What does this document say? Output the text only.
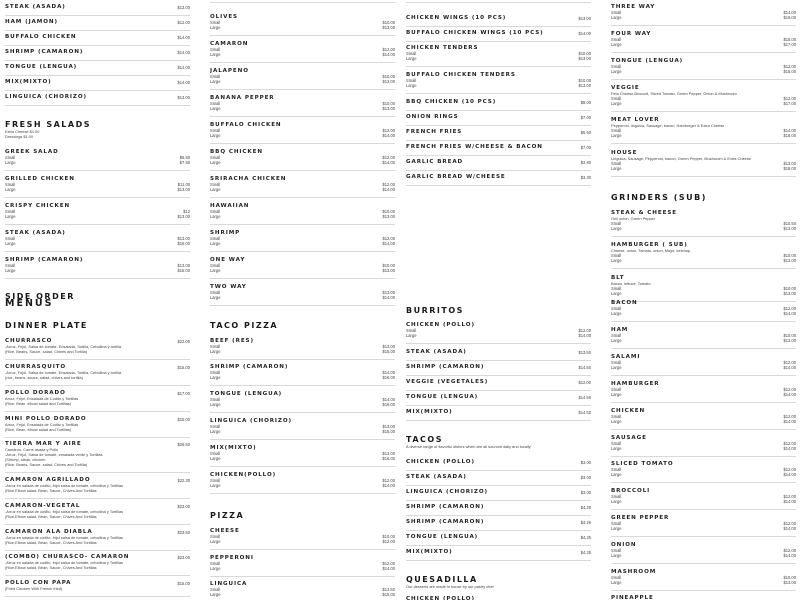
STEAK (ASADA)	$13.00
HAM (JAMON)	$12.00
BUFFALO CHICKEN	$14.00
SHRIMP (CAMARON)	$14.00
TONGUE (LENGUA)	$14.00
MIX(MIXTO)	$14.00
LINGUICA (CHORIZO)	$13.00
FRESH SALADS
Extra Cheese $1.00
Dressings $1.00
GREEK SALAD
Small	$6.50
Large	$7.50
GRILLED CHICKEN
Small	$11.00
Large	$13.00
CRISPY CHICKEN
Small	$12
Large	$13.00
STEAK (ASADA)
Small	$13.00
Large	$16.00
SHRIMP (CAMARON)
Small	$13.00
Large	$16.00
SIDE ORDER
MENUS
DINNER PLATE
CHURRASCO	$22.00
-Arroz, Frijol, Salsa de tomate, Ensalada, Tortilla, Cebollina y tortilla
(Rice, Beans, Sauce, salad, Chives and Tortilla)
CHURRASQUITO	$15.00
-Arroz, Frijol, Salsa de tomate, Ensalada, Tortilla, Cebollina y tortilla
(rice, beans, sauce, salad, chives and tortilla)
POLLO DORADO	$17.00
Arroz, Frijol, Ensalada de Codito y Tortillas
(Rice, Bean, elbow salad and Tortillas)
MINI POLLO DORADO	$15.00
Arroz, Frijol, Ensalada de Codito y Tortillas
(Rice, Bean, elbow salad and Tortillas)
TIERRA MAR Y AIRE	$26.50
Camaron, Carne asada y Pollo
-Arroz, Frijol, Salsa de tomate, ensalada verde y Tortillas
(Shrimp, steak, chicken
(Rice, Beans, Sauce, salad, Chives and Tortilla)
CAMARON AGRILLADO	$22.30
-Arroz en salada de codito, frijol salsa de tomate, cebollina y Tortillas
(Rice,Elbow salad, Bean, Sauce, Chives And Tortillas
CAMARON-VEGETAL	$23.00
-Arroz en salada de codito, frijol salsa de tomate, cebollina y Tortillas
(Rice,Elbow salad, Bean, Sauce, Chives And Tortillas
CAMARON ALA DIABLA	$23.50
-Arroz en salada de codito, frijol salsa de tomate, cebollina y Tortillas
(Rice,Elbow salad, Bean, Sauce, Chives And Tortillas
(COMBO) CHURASCO- CAMARON	$23.00
-Arroz en salada de codito, frijol salsa de tomate, cebollina y Tortillas
(Rice,Elbow salad, Bean, Sauce, Chives And Tortillas
POLLO CON PAPA	$15.00
(Fried Chicken With French fried)
OLIVES
Small	$10.00
Large	$13.00
CAMARON
Small	$12.00
Large	$14.00
JALAPENO
Small	$10.00
Large	$13.00
BANANA PEPPER
Small	$10.00
Large	$13.00
BUFFALO CHICKEN
Small	$12.00
Large	$14.00
BBQ CHICKEN
Small	$12.00
Large	$14.00
SRIRACHA CHICKEN
Small	$12.00
Large	$14.00
HAWAIIAN
Small	$10.00
Large	$13.00
SHRIMP
Small	$12.00
Large	$14.00
ONE WAY
Small	$10.00
Large	$13.00
TWO WAY
Small	$13.00
Large	$14.00
TACO PIZZA
BEEF (RES)
Small	$12.00
Large	$15.00
SHRIMP (CAMARON)
Small	$14.00
Large	$16.00
TONGUE (LENGUA)
Small	$14.00
Large	$16.00
LINGUICA (CHORIZO)
Small	$13.00
Large	$15.00
MIX(MIXTO)
Small	$13.00
Large	$16.00
CHICKEN(POLLO)
Small	$12.00
Large	$14.00
PIZZA
CHEESE
Small	$10.00
Large	$12.00
PEPPERONI
Small	$12.00
Large	$14.00
LINGUICA
Small	$13.50
Large	$15.00
CHICKEN WINGS (10 PCS)	$13.00
BUFFALO CHICKEN WINGS (10 PCS)	$14.00
CHICKEN TENDERS
Small	$10.00
Large	$13.00
BUFFALO CHICKEN TENDERS
Small	$10.00
Large	$13.00
BBQ CHICKEN (10 PCS)	$8.00
ONION RINGS	$7.00
FRENCH FRIES	$5.50
FRENCH FRIES W/CHEESE & BACON	$7.00
GARLIC BREAD	$2.80
GARLIC BREAD W/CHEESE	$3.30
BURRITOS
CHICKEN (POLLO)
Small	$12.00
Large	$14.00
STEAK (ASADA)	$13.50
SHRIMP (CAMARON)	$14.50
VEGGIE (VEGETALES)	$12.00
TONGUE (LENGUA)	$14.50
MIX(MIXTO)	$14.50
TACOS
A diverse range of flavorful dishes which are all sourced daily and locally
CHICKEN (POLLO)	$3.00
STEAK (ASADA)	$3.00
LINGUICA (CHORIZO)	$3.00
SHRIMP (CAMARON)	$4.25
SHRIMP (CAMARON)	$4.25
TONGUE (LENGUA)	$4.25
MIX(MIXTO)	$4.25
QUESADILLA
Our desserts are made in house by our pastry chef
CHICKEN (POLLO)
THREE WAY
Small	$14.00
Large	$16.00
FOUR WAY
Small	$15.00
Large	$17.00
TONGUE (LENGUA)
Small	$12.00
Large	$15.00
VEGGIE
Feta Cheese,Broccoli, Sliced Tomato, Green Pepper, Onion & Mushroom
Small	$12.00
Large	$17.00
MEAT LOVER
Pepperoni, linguica, Sausage, bacon, Hamburger & Extra Cheese
Small	$14.00
Large	$18.00
HOUSE
Linguica, Sausage, Pepperoni, bacon, Green Pepper, Mushroom & Extra Cheese
Small	$13.00
Large	$18.00
GRINDERS (SUB)
STEAK & CHEESE
Grill onion, Green Pepper
Small	$10.50
Large	$13.00
HAMBURGER ( SUB)
Cheese, onion, Tomato, onion, Mayo, ketchup
Small	$10.00
Large	$13.00
BLT
Bacon, lettuce, Tomato
Small	$10.00
Large	$13.00
BACON
Small	$12.00
Large	$14.00
HAM
Small	$10.00
Large	$13.00
SALAMI
Small	$12.00
Large	$14.00
HAMBURGER
Small	$12.00
Large	$14.00
CHICKEN
Small	$12.00
Large	$14.00
SAUSAGE
Small	$12.00
Large	$14.00
SLICED TOMATO
Small	$12.00
Large	$14.00
BROCCOLI
Small	$12.00
Large	$14.00
GREEN PEPPER
Small	$12.00
Large	$14.00
ONION
Small	$12.00
Large	$14.00
MASHROOM
Small	$10.00
Large	$13.00
PINEAPPLE
